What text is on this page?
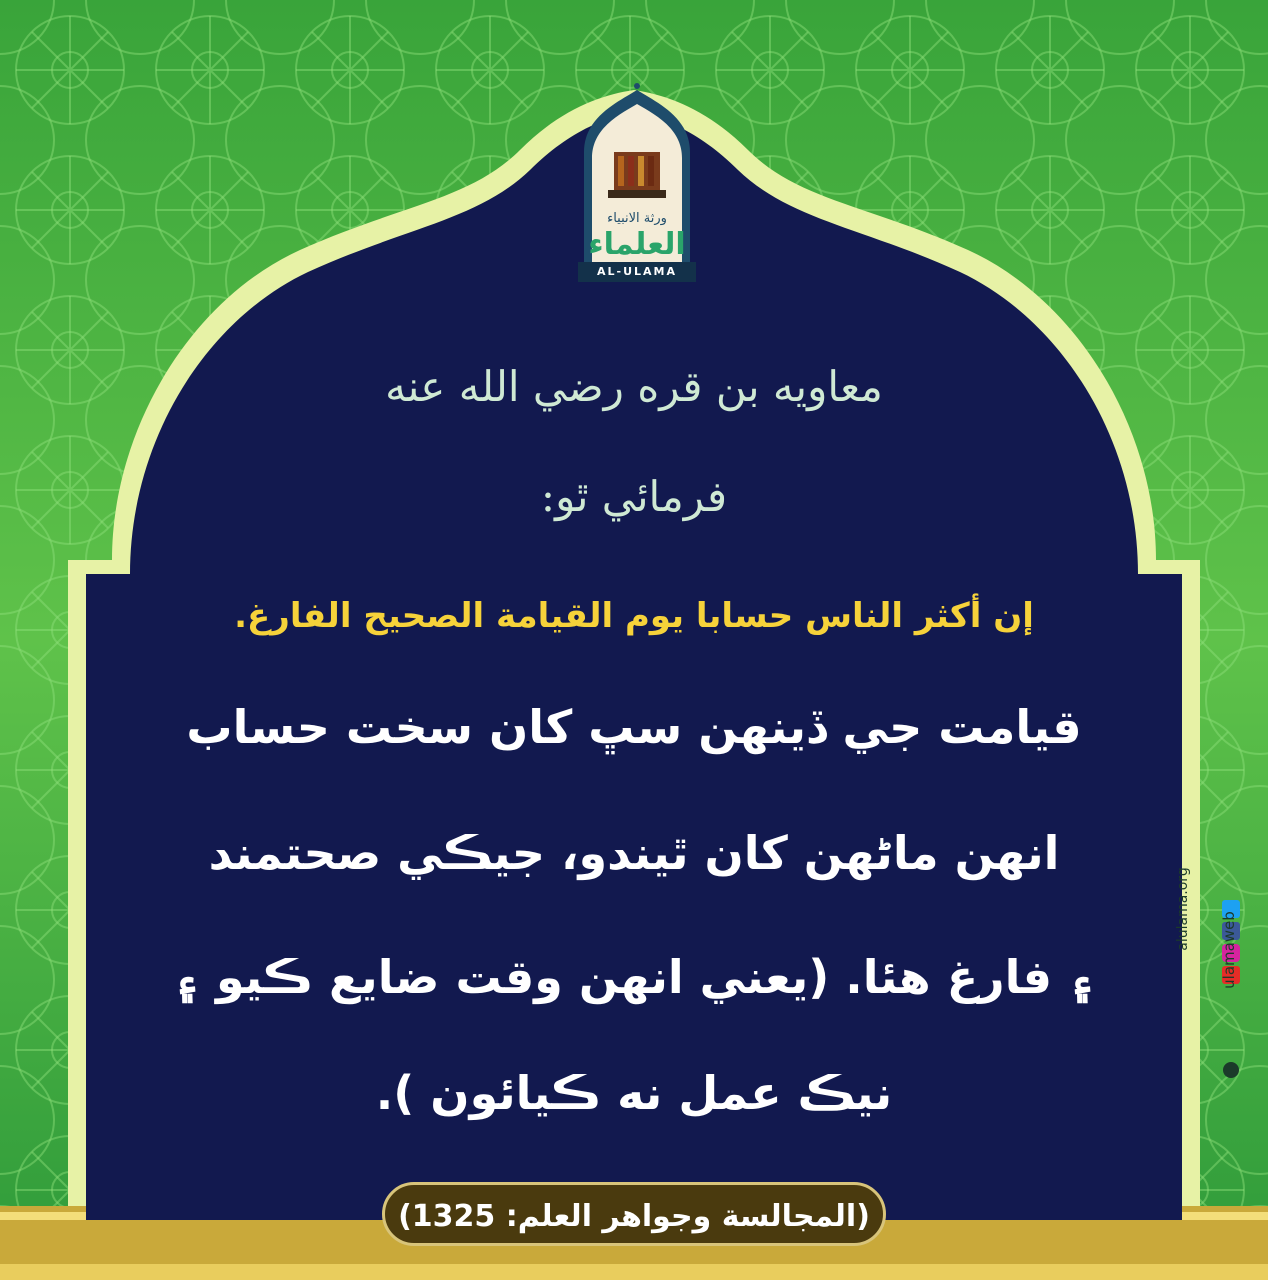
ورثة الانبياء
العلماء
AL-ULAMA
معاويه بن قره رضي الله عنه
فرمائي ٿو:
إن أكثر الناس حسابا يوم القيامة الصحيح الفارغ.
قيامت جي ڏينهن سڀ کان سخت حساب
انهن ماڻهن کان ٿيندو، جيڪي صحتمند
۽ فارغ هئا. (يعني انهن وقت ضايع ڪيو ۽
نيڪ عمل نه ڪيائون ).
(المجالسة وجواهر العلم: 1325)
ulamaweb
alulama.org
